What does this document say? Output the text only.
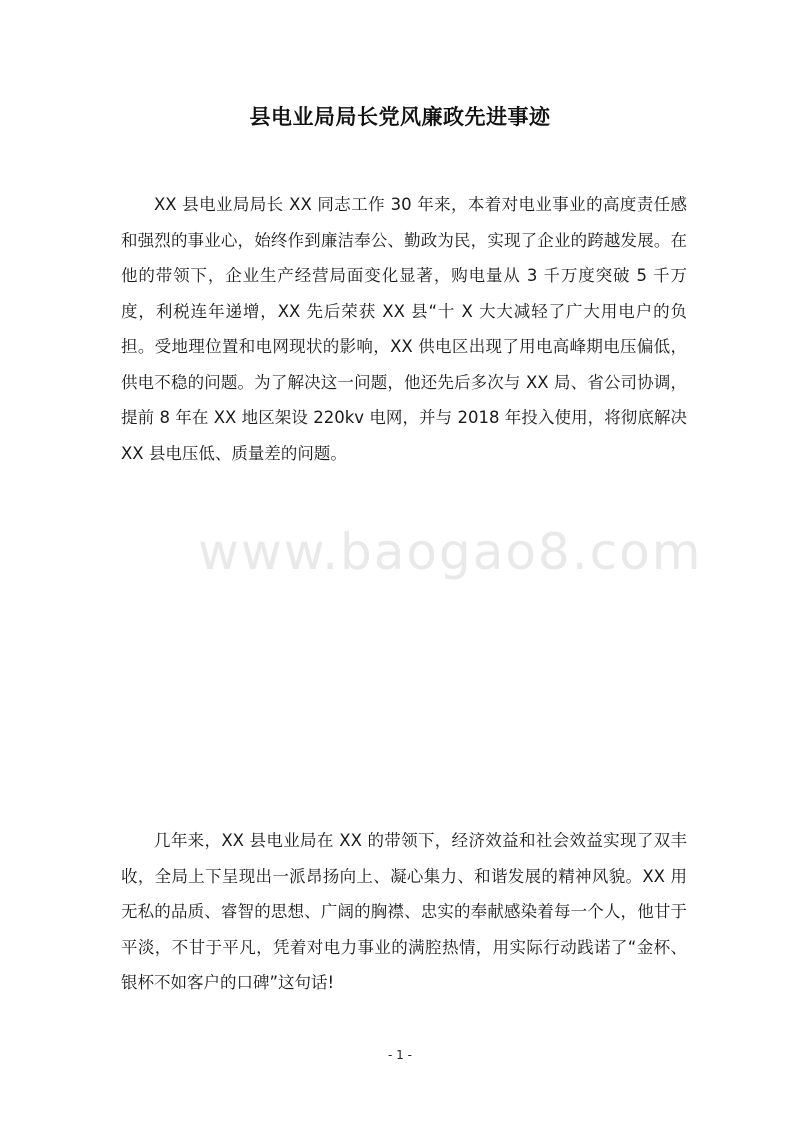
www.baogao8.com
县电业局局长党风廉政先进事迹

XX 县电业局局长 XX 同志工作 30 年来，本着对电业事业的高度责任感和强烈的事业心，始终作到廉洁奉公、勤政为民，实现了企业的跨越发展。在他的带领下，企业生产经营局面变化显著，购电量从 3 千万度突破 5 千万度，利税连年递增，XX 先后荣获 XX 县“十 X 大大减轻了广大用电户的负担。受地理位置和电网现状的影响，XX 供电区出现了用电高峰期电压偏低，供电不稳的问题。为了解决这一问题，他还先后多次与 XX 局、省公司协调，提前 8 年在 XX 地区架设 220kv 电网，并与 2018 年投入使用，将彻底解决 XX 县电压低、质量差的问题。

几年来，XX 县电业局在 XX 的带领下，经济效益和社会效益实现了双丰收，全局上下呈现出一派昂扬向上、凝心集力、和谐发展的精神风貌。XX 用无私的品质、睿智的思想、广阔的胸襟、忠实的奉献感染着每一个人，他甘于平淡，不甘于平凡，凭着对电力事业的满腔热情，用实际行动践诺了“金杯、银杯不如客户的口碑”这句话!

- 1 -
